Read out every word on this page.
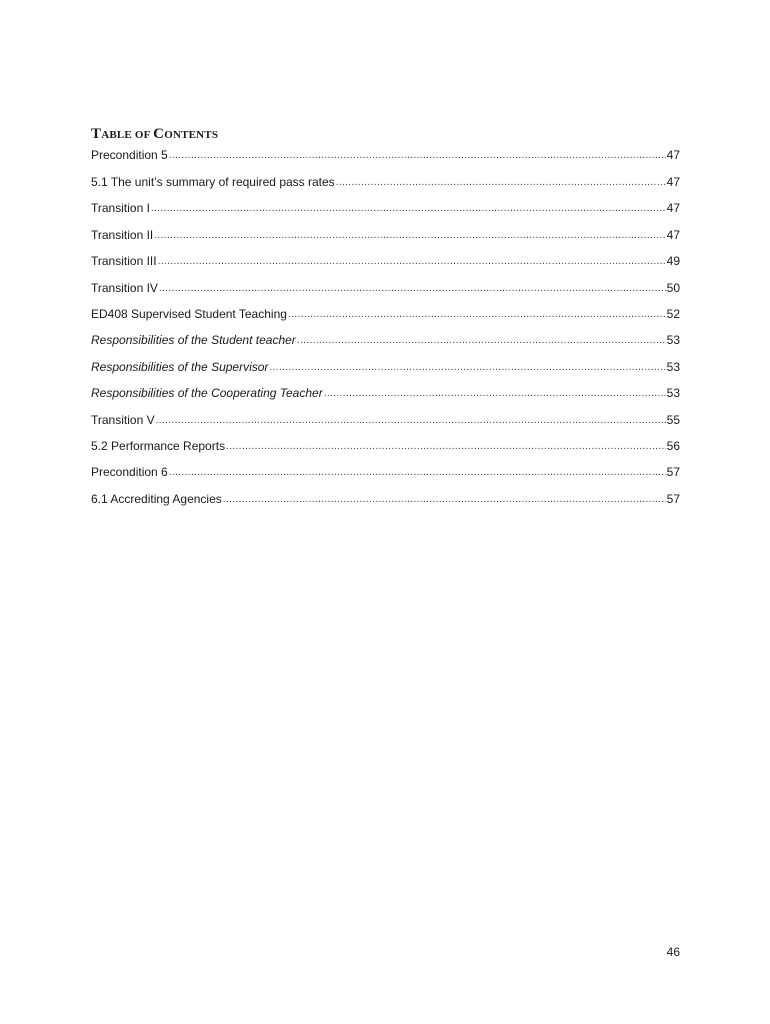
TABLE OF CONTENTS
Precondition 5 .....	47
5.1 The unit’s summary of required pass rates .....	47
Transition I .....	47
Transition II .....	47
Transition III .....	49
Transition IV .....	50
ED408 Supervised Student Teaching .....	52
Responsibilities of the Student teacher .....	53
Responsibilities of the Supervisor .....	53
Responsibilities of the Cooperating Teacher .....	53
Transition V .....	55
5.2 Performance Reports .....	56
Precondition 6 .....	57
6.1 Accrediting Agencies .....	57
46
